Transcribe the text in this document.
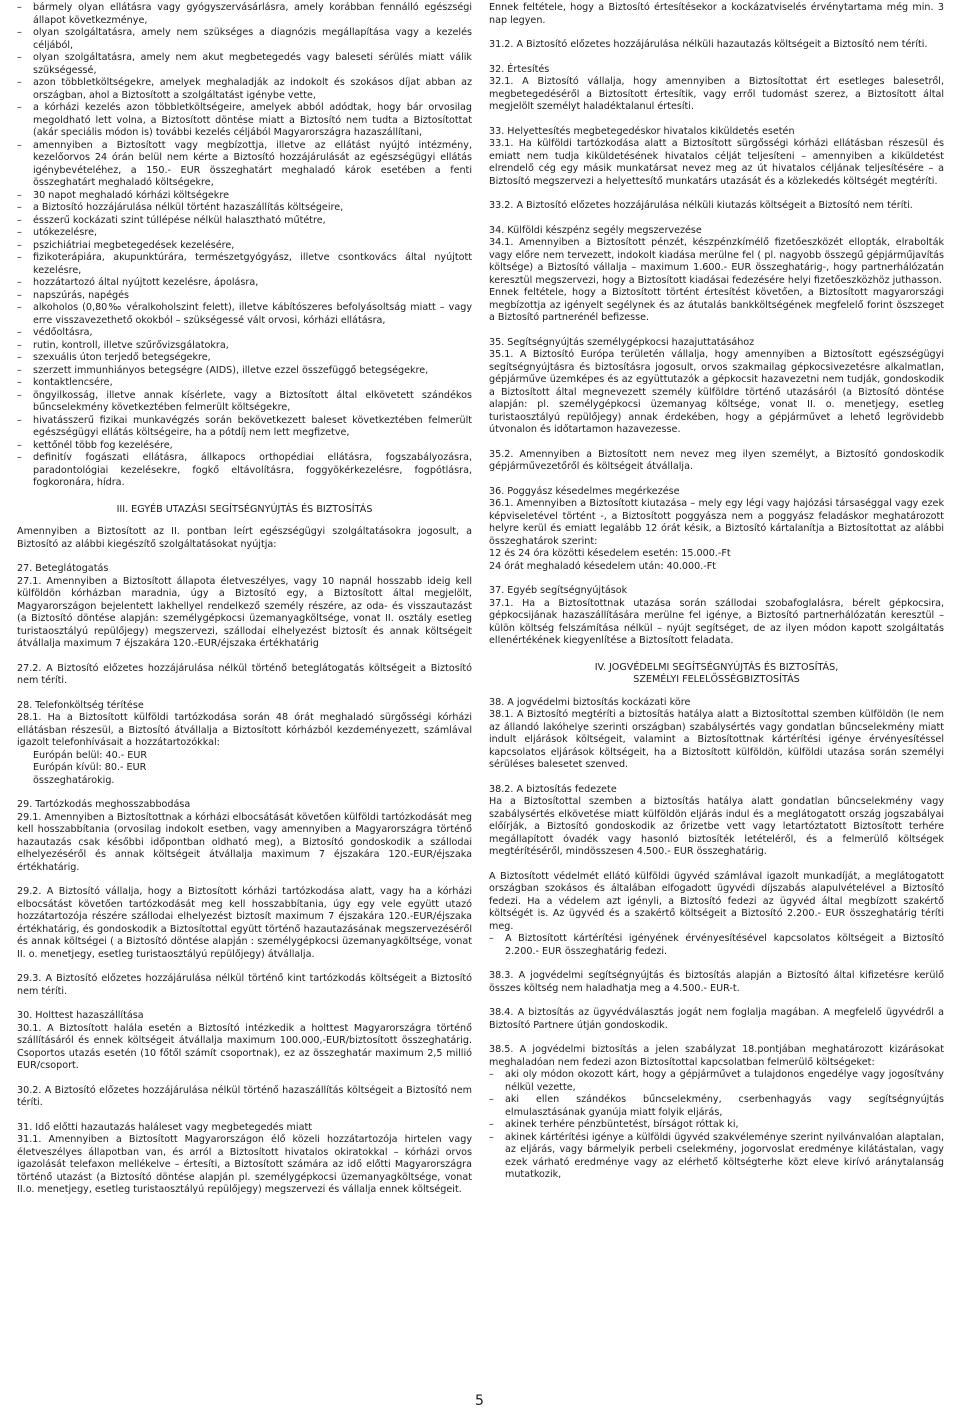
– bármely olyan ellátásra vagy gyógyszervásárlásra, amely korábban fennálló egészségi állapot következménye,

– olyan szolgáltatásra, amely nem szükséges a diagnózis megállapítása vagy a kezelés céljából,

– olyan szolgáltatásra, amely nem akut megbetegedés vagy baleseti sérülés miatt válik szükségessé,

– azon többletköltségekre, amelyek meghaladják az indokolt és szokásos díjat abban az országban, ahol a Biztosított a szolgáltatást igénybe vette,

– a kórházi kezelés azon többletköltségeire, amelyek abból adódtak, hogy bár orvosilag megoldható lett volna, a Biztosított döntése miatt a Biztosító nem tudta a Biztosítottat (akár speciális módon is) további kezelés céljából Magyarországra hazaszállítani,

– amennyiben a Biztosított vagy megbízottja, illetve az ellátást nyújtó intézmény, kezelőorvos 24 órán belül nem kérte a Biztosító hozzájárulását az egészségügyi ellátás igénybevételéhez, a 150.- EUR összeghatárt meghaladó károk esetében a fenti összeghatárt meghaladó költségekre,

– 30 napot meghaladó kórházi költségekre

– a Biztosító hozzájárulása nélkül történt hazaszállítás költségeire,

– ésszerű kockázati szint túllépése nélkül halasztható műtétre,

– utókezelésre,

– pszichiátriai megbetegedések kezelésére,

– fizikoterápiára, akupunktúrára, természetgyógyász, illetve csontkovács által nyújtott kezelésre,

– hozzátartozó által nyújtott kezelésre, ápolásra,

– napszúrás, napégés

– alkoholos (0,80‰ véralkoholszint felett), illetve kábítószeres befolyásoltság miatt – vagy erre visszavezethető okokból – szükségessé vált orvosi, kórházi ellátásra,

– védőoltásra,

– rutin, kontroll, illetve szűrővizsgálatokra,

– szexuális úton terjedő betegségekre,

– szerzett immunhiányos betegségre (AIDS), illetve ezzel összefüggő betegségekre,

– kontaktlencsére,

– öngyilkosság, illetve annak kísérlete, vagy a Biztosított által elkövetett szándékos bűncselekmény következtében felmerült költségekre,

– hivatásszerű fizikai munkavégzés során bekövetkezett baleset következtében felmerült egészségügyi ellátás költségeire, ha a pótdíj nem lett megfizetve,

– kettőnél több fog kezelésére,

– definitív fogászati ellátásra, állkapocs orthopédiai ellátásra, fogszabályozásra, paradontológiai kezelésekre, fogkő eltávolításra, foggyökérkezelésre, fogpótlásra, fogkoronára, hídra.

III. EGYÉB UTAZÁSI SEGÍTSÉGNYÚJTÁS ÉS BIZTOSÍTÁS

Amennyiben a Biztosított az II. pontban leírt egészségügyi szolgáltatásokra jogosult, a Biztosító az alábbi kiegészítő szolgáltatásokat nyújtja:

27. Beteglátogatás

27.1. Amennyiben a Biztosított állapota életveszélyes, vagy 10 napnál hosszabb ideig kell külföldön kórházban maradnia, úgy a Biztosító egy, a Biztosított által megjelölt, Magyarországon bejelentett lakhellyel rendelkező személy részére, az oda- és visszautazást (a Biztosító döntése alapján: személygépkocsi üzemanyagköltsége, vonat II. osztály esetleg turistaosztályú repülőjegy) megszervezi, szállodai elhelyezést biztosít és annak költségeit átvállalja maximum 7 éjszakára 120.-EUR/éjszaka értékhatárig

27.2. A Biztosító előzetes hozzájárulása nélkül történő beteglátogatás költségeit a Biztosító nem téríti.

28. Telefonköltség térítése

28.1. Ha a Biztosított külföldi tartózkodása során 48 órát meghaladó sürgősségi kórházi ellátásban részesül, a Biztosító átvállalja a Biztosított kórházból kezdeményezett, számlával igazolt telefonhívásait a hozzátartozókkal:

Európán belül: 40.- EUR

Európán kívül: 80.- EUR

összeghatárokig.

29. Tartózkodás meghosszabbodása

29.1. Amennyiben a Biztosítottnak a kórházi elbocsátását követően külföldi tartózkodását meg kell hosszabbítania (orvosilag indokolt esetben, vagy amennyiben a Magyarországra történő hazautazás csak későbbi időpontban oldható meg), a Biztosító gondoskodik a szállodai elhelyezéséről és annak költségeit átvállalja maximum 7 éjszakára 120.-EUR/éjszaka értékhatárig.

29.2. A Biztosító vállalja, hogy a Biztosított kórházi tartózkodása alatt, vagy ha a kórházi elbocsátást követően tartózkodását meg kell hosszabbítania, úgy egy vele együtt utazó hozzátartozója részére szállodai elhelyezést biztosít maximum 7 éjszakára 120.-EUR/éjszaka értékhatárig, és gondoskodik a Biztosítottal együtt történő hazautazásának megszervezéséről és annak költségei ( a Biztosító döntése alapján : személygépkocsi üzemanyagköltsége, vonat II. o. menetjegy, esetleg turistaosztályú repülőjegy) átvállalja.

29.3. A Biztosító előzetes hozzájárulása nélkül történő kint tartózkodás költségeit a Biztosító nem téríti.

30. Holttest hazaszállítása

30.1. A Biztosított halála esetén a Biztosító intézkedik a holttest Magyarországra történő szállításáról és ennek költségeit átvállalja maximum 100.000,-EUR/biztosított összeghatárig. Csoportos utazás esetén (10 főtől számít csoportnak), ez az összeghatár maximum 2,5 millió EUR/csoport.

30.2. A Biztosító előzetes hozzájárulása nélkül történő hazaszállítás költségeit a Biztosító nem téríti.

31. Idő előtti hazautazás haláleset vagy megbetegedés miatt

31.1. Amennyiben a Biztosított Magyarországon élő közeli hozzátartozója hirtelen vagy életveszélyes állapotban van, és arról a Biztosított hivatalos okiratokkal – kórházi orvos igazolását telefaxon mellékelve – értesíti, a Biztosított számára az idő előtti Magyarországra történő utazást (a Biztosító döntése alapján pl. személygépkocsi üzemanyagköltsége, vonat II.o. menetjegy, esetleg turistaosztályú repülőjegy) megszervezi és vállalja ennek költségeit.

Ennek feltétele, hogy a Biztosító értesítésekor a kockázatviselés érvénytartama még min. 3 nap legyen.

31.2. A Biztosító előzetes hozzájárulása nélküli hazautazás költségeit a Biztosító nem téríti.

32. Értesítés

32.1. A Biztosító vállalja, hogy amennyiben a Biztosítottat ért esetleges balesetről, megbetegedéséről a Biztosított értesítik, vagy erről tudomást szerez, a Biztosított által megjelölt személyt haladéktalanul értesíti.

33. Helyettesítés megbetegedéskor hivatalos kiküldetés esetén

33.1. Ha külföldi tartózkodása alatt a Biztosított sürgősségi kórházi ellátásban részesül és emiatt nem tudja kiküldetésének hivatalos célját teljesíteni – amennyiben a kiküldetést elrendelő cég egy másik munkatársat nevez meg az út hivatalos céljának teljesítésére – a Biztosító megszervezi a helyettesítő munkatárs utazását és a közlekedés költségét megtéríti.

33.2. A Biztosító előzetes hozzájárulása nélküli kiutazás költségeit a Biztosító nem téríti.

34. Külföldi készpénz segély megszervezése

34.1. Amennyiben a Biztosított pénzét, készpénzkímélő fizetőeszközét ellopták, elrabolták vagy előre nem tervezett, indokolt kiadása merülne fel ( pl. nagyobb összegű gépjárműjavítás költsége) a Biztosító vállalja – maximum 1.600.- EUR összeghatárig-, hogy partnerhálózatán keresztül megszervezi, hogy a Biztosított kiadásai fedezésére helyi fizetőeszközhöz juthasson.

Ennek feltétele, hogy a Biztosított történt értesítést követően, a Biztosított magyarországi megbízottja az igényelt segélynek és az átutalás bankköltségének megfelelő forint öszszeget a Biztosító partnerénél befizesse.

35. Segítségnyújtás személygépkocsi hazajuttatásához

35.1. A Biztosító Európa területén vállalja, hogy amennyiben a Biztosított egészségügyi segítségnyújtásra és biztosításra jogosult, orvos szakmailag gépkocsivezetésre alkalmatlan, gépjárműve üzemképes és az együttutazók a gépkocsit hazavezetni nem tudják, gondoskodik a Biztosított által megnevezett személy külföldre történő utazásáról (a Biztosító döntése alapján: pl. személygépkocsi üzemanyag költsége, vonat II. o. menetjegy, esetleg turistaosztályú repülőjegy) annak érdekében, hogy a gépjárművet a lehető legrövidebb útvonalon és időtartamon hazavezesse.

35.2. Amennyiben a Biztosított nem nevez meg ilyen személyt, a Biztosító gondoskodik gépjárművezetőről és költségeit átvállalja.

36. Poggyász késedelmes megérkezése

36.1. Amennyiben a Biztosított kiutazása – mely egy légi vagy hajózási társaséggal vagy ezek képviseletével történt -, a Biztosított poggyásza nem a poggyász feladáskor meghatározott helyre kerül és emiatt legalább 12 órát késik, a Biztosító kártalanítja a Biztosítottat az alábbi összeghatárok szerint:

12 és 24 óra közötti késedelem esetén: 15.000.-Ft

24 órát meghaladó késedelem után: 40.000.-Ft

37. Egyéb segítségnyújtások

37.1. Ha a Biztosítottnak utazása során szállodai szobafoglalásra, bérelt gépkocsira, gépkocsijának hazaszállítására merülne fel igénye, a Biztosító partnerhálózatán keresztül – külön költség felszámítása nélkül – nyújt segítséget, de az ilyen módon kapott szolgáltatás ellenértékének kiegyenlítése a Biztosított feladata.

IV. JOGVÉDELMI SEGÍTSÉGNYÚJTÁS ÉS BIZTOSÍTÁS,
SZEMÉLYI FELELŐSSÉGBIZTOSÍTÁS

38. A jogvédelmi biztosítás kockázati köre

38.1. A Biztosító megtéríti a biztosítás hatálya alatt a Biztosítottal szemben külföldön (le nem az állandó lakóhelye szerinti országban) szabálysértés vagy gondatlan bűncselekmény miatt indult eljárások költségeit, valamint a Biztosítottnak kártérítési igénye érvényesítéssel kapcsolatos eljárások költségeit, ha a Biztosított külföldön, külföldi utazása során személyi sérüléses balesetet szenved.

38.2. A biztosítás fedezete

Ha a Biztosítottal szemben a biztosítás hatálya alatt gondatlan bűncselekmény vagy szabálysértés elkövetése miatt külföldön eljárás indul és a meglátogatott ország jogszabályai előírják, a Biztosító gondoskodik az őrizetbe vett vagy letartóztatott Biztosított terhére megállapított óvadék vagy hasonló biztosíték letételéről, és a felmerülő költségek megtérítéséről, mindösszesen 4.500.- EUR összeghatárig.

A Biztosított védelmét ellátó külföldi ügyvéd számlával igazolt munkadíját, a meglátogatott országban szokásos és általában elfogadott ügyvédi díjszabás alapulvételével a Biztosító fedezi. Ha a védelem azt igényli, a Biztosító fedezi az ügyvéd által megbízott szakértő költségét is. Az ügyvéd és a szakértő költségeit a Biztosító 2.200.- EUR összeghatárig téríti meg.

– A Biztosított kártérítési igényének érvényesítésével kapcsolatos költségeit a Biztosító 2.200.- EUR összeghatárig fedezi.

38.3. A jogvédelmi segítségnyújtás és biztosítás alapján a Biztosító által kifizetésre kerülő összes költség nem haladhatja meg a 4.500.- EUR-t.

38.4. A biztosítás az ügyvédválasztás jogát nem foglalja magában. A megfelelő ügyvédről a Biztosító Partnere útján gondoskodik.

38.5. A jogvédelmi biztosítás a jelen szabályzat 18.pontjában meghatározott kizárásokat meghaladóan nem fedezi azon Biztosítottal kapcsolatban felmerülő költségeket:

– aki oly módon okozott kárt, hogy a gépjárművet a tulajdonos engedélye vagy jogosítvány nélkül vezette,

– aki ellen szándékos bűncselekmény, cserbenhagyás vagy segítségnyújtás elmulasztásának gyanúja miatt folyik eljárás,

– akinek terhére pénzbüntetést, bírságot róttak ki,

– akinek kártérítési igénye a külföldi ügyvéd szakvéleménye szerint nyilvánvalóan alaptalan, az eljárás, vagy bármelyik perbeli cselekmény, jogorvoslat eredménye kilátástalan, vagy ezek várható eredménye vagy az elérhető költségterhe közt eleve kirívó aránytalanság mutatkozik,

5
